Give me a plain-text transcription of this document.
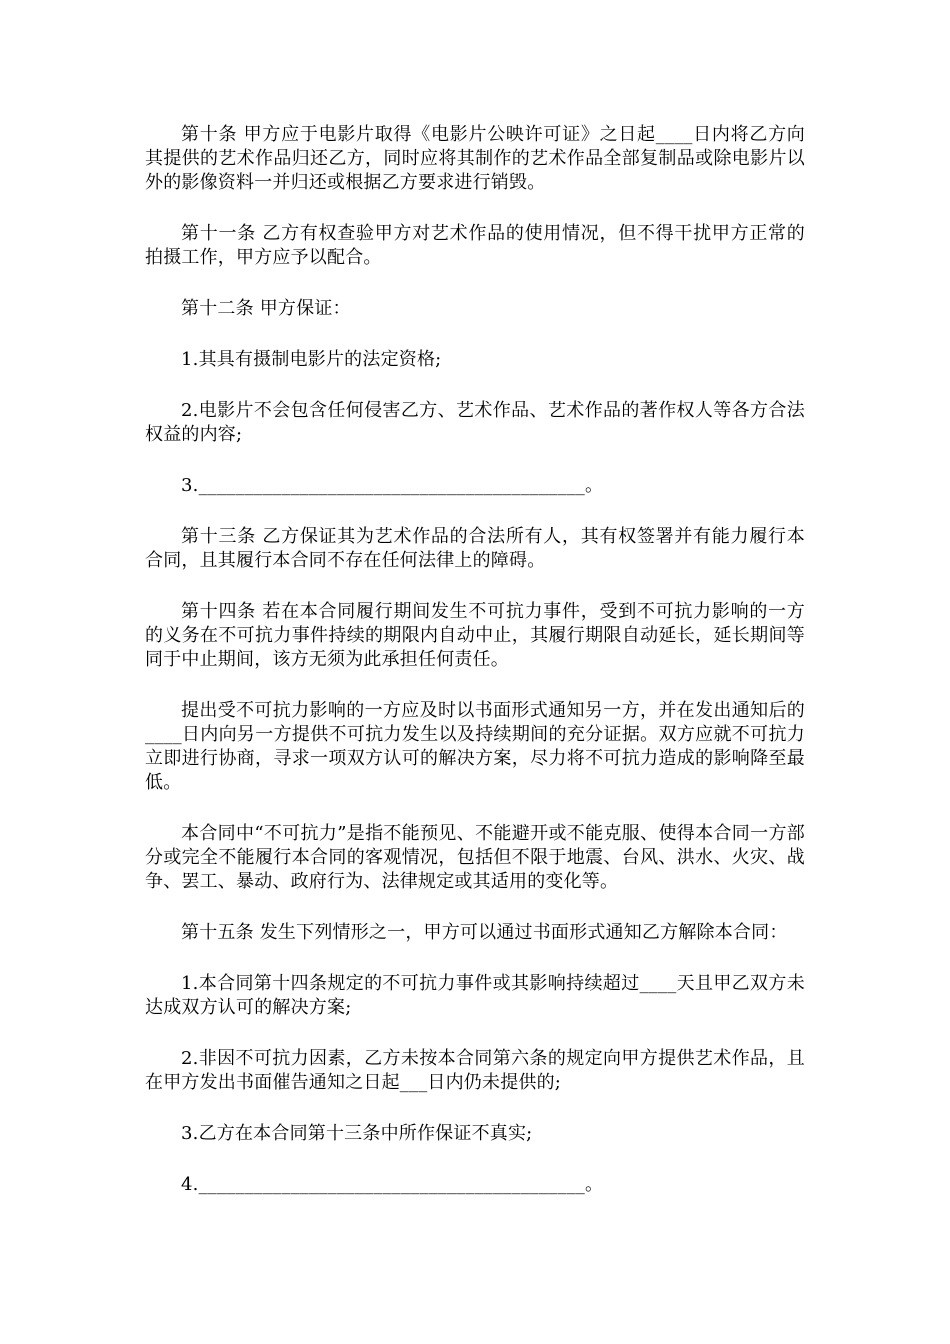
第十条 甲方应于电影片取得《电影片公映许可证》之日起____日内将乙方向其提供的艺术作品归还乙方，同时应将其制作的艺术作品全部复制品或除电影片以外的影像资料一并归还或根据乙方要求进行销毁。

第十一条 乙方有权查验甲方对艺术作品的使用情况，但不得干扰甲方正常的拍摄工作，甲方应予以配合。

第十二条 甲方保证：

1.其具有摄制电影片的法定资格;

2.电影片不会包含任何侵害乙方、艺术作品、艺术作品的著作权人等各方合法权益的内容;

3.__________________________________________。

第十三条 乙方保证其为艺术作品的合法所有人，其有权签署并有能力履行本合同，且其履行本合同不存在任何法律上的障碍。

第十四条 若在本合同履行期间发生不可抗力事件，受到不可抗力影响的一方的义务在不可抗力事件持续的期限内自动中止，其履行期限自动延长，延长期间等同于中止期间，该方无须为此承担任何责任。

提出受不可抗力影响的一方应及时以书面形式通知另一方，并在发出通知后的____日内向另一方提供不可抗力发生以及持续期间的充分证据。双方应就不可抗力立即进行协商，寻求一项双方认可的解决方案，尽力将不可抗力造成的影响降至最低。

本合同中“不可抗力”是指不能预见、不能避开或不能克服、使得本合同一方部分或完全不能履行本合同的客观情况，包括但不限于地震、台风、洪水、火灾、战争、罢工、暴动、政府行为、法律规定或其适用的变化等。

第十五条 发生下列情形之一，甲方可以通过书面形式通知乙方解除本合同：

1.本合同第十四条规定的不可抗力事件或其影响持续超过____天且甲乙双方未达成双方认可的解决方案;

2.非因不可抗力因素，乙方未按本合同第六条的规定向甲方提供艺术作品，且在甲方发出书面催告通知之日起___日内仍未提供的;

3.乙方在本合同第十三条中所作保证不真实;

4.__________________________________________。
